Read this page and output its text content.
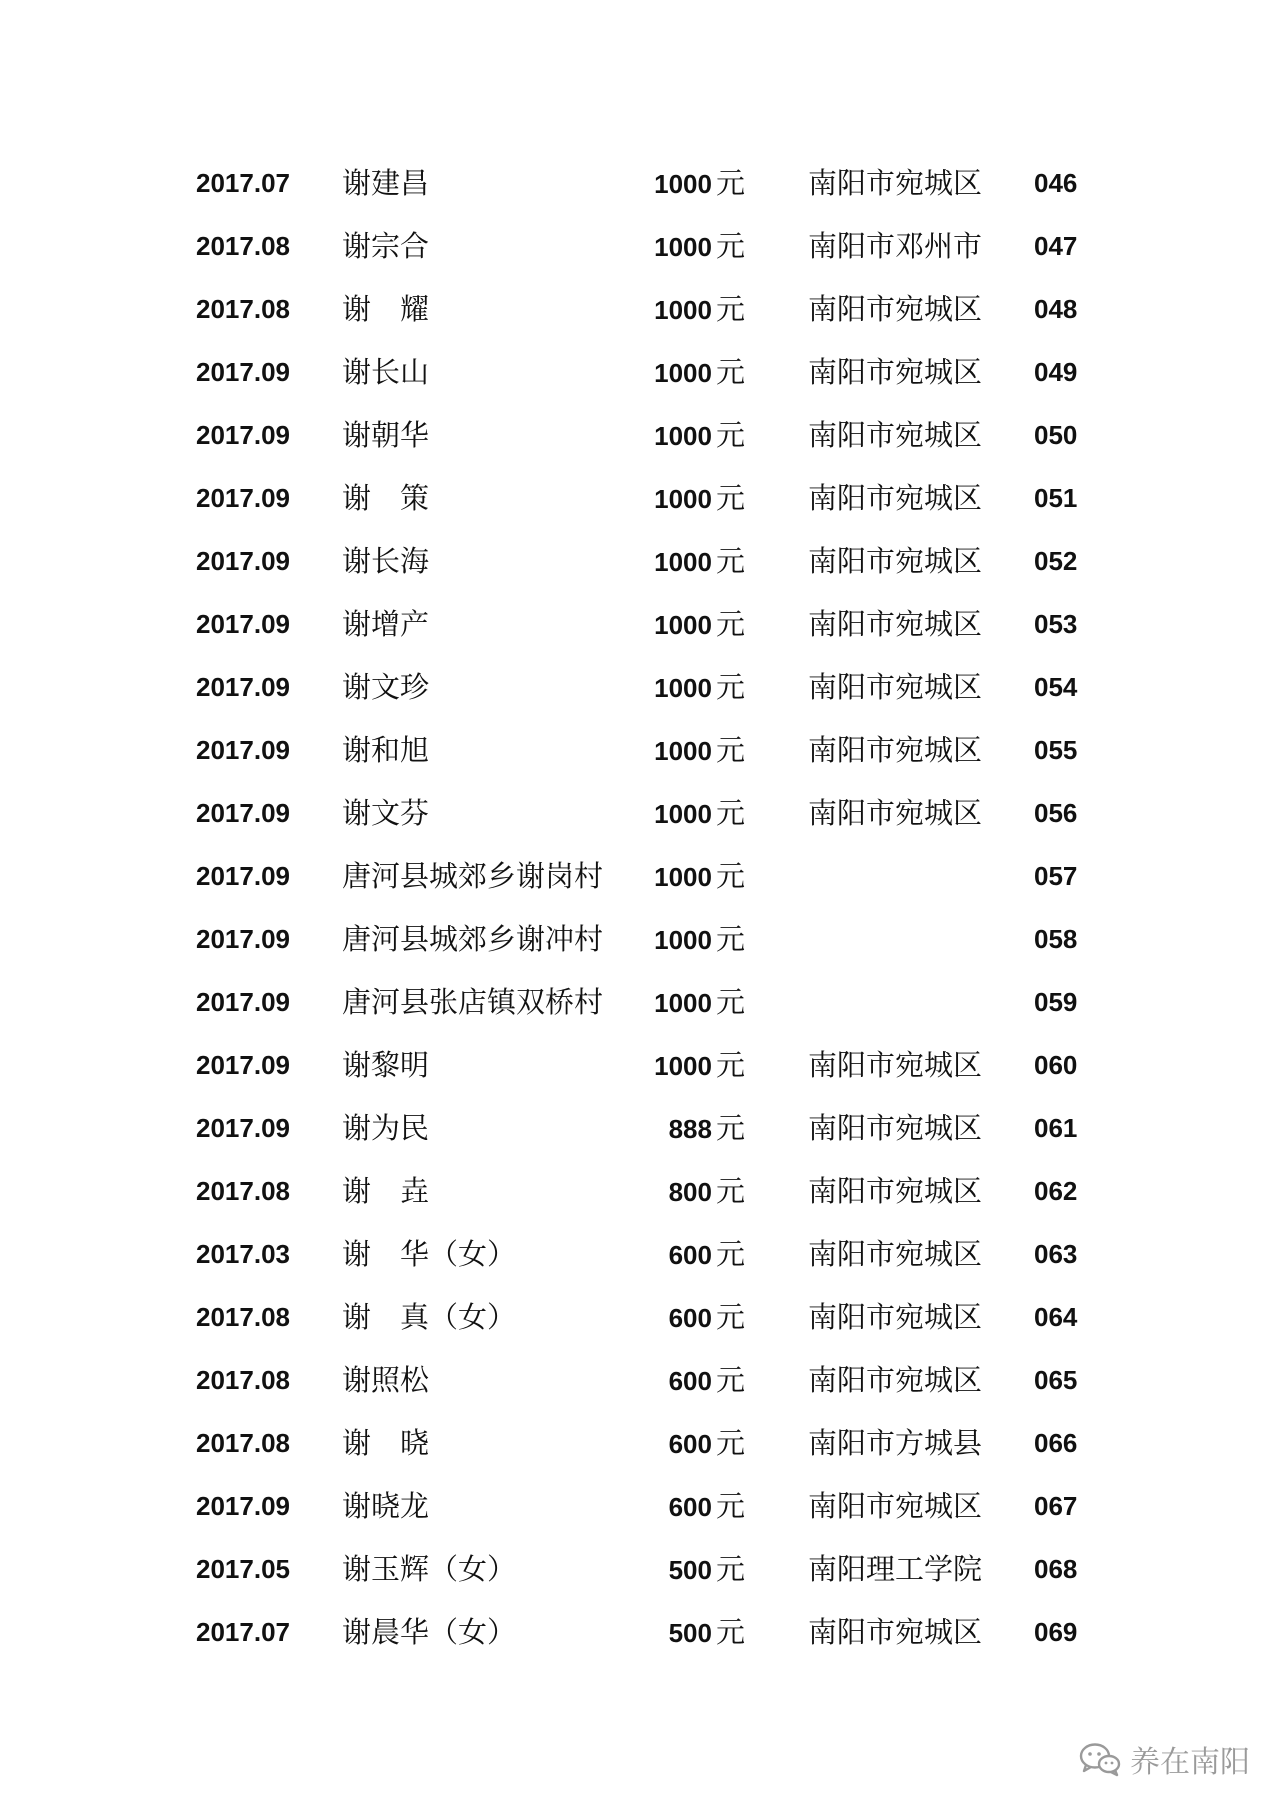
2017.07 谢建昌	1000 元 南阳市宛城区 046
2017.08 谢宗合	1000 元 南阳市邓州市 047
2017.08 谢　耀	1000 元 南阳市宛城区 048
2017.09 谢长山	1000 元 南阳市宛城区 049
2017.09 谢朝华	1000 元 南阳市宛城区 050
2017.09 谢　策	1000 元 南阳市宛城区 051
2017.09 谢长海	1000 元 南阳市宛城区 052
2017.09 谢增产	1000 元 南阳市宛城区 053
2017.09 谢文珍	1000 元 南阳市宛城区 054
2017.09 谢和旭	1000 元 南阳市宛城区 055
2017.09 谢文芬	1000 元 南阳市宛城区 056
2017.09 唐河县城郊乡谢岗村 1000 元	057
2017.09 唐河县城郊乡谢冲村 1000 元	058
2017.09 唐河县张店镇双桥村 1000 元	059
2017.09 谢黎明	1000 元 南阳市宛城区 060
2017.09 谢为民	888 元 南阳市宛城区 061
2017.08 谢　垚	800 元 南阳市宛城区 062
2017.03 谢　华（女）	600 元 南阳市宛城区 063
2017.08 谢　真（女）	600 元 南阳市宛城区 064
2017.08 谢照松	600 元 南阳市宛城区 065
2017.08 谢　晓	600 元 南阳市方城县 066
2017.09 谢晓龙	600 元 南阳市宛城区 067
2017.05 谢玉辉（女）	500 元 南阳理工学院 068
2017.07 谢晨华（女）	500 元 南阳市宛城区 069
养在南阳
